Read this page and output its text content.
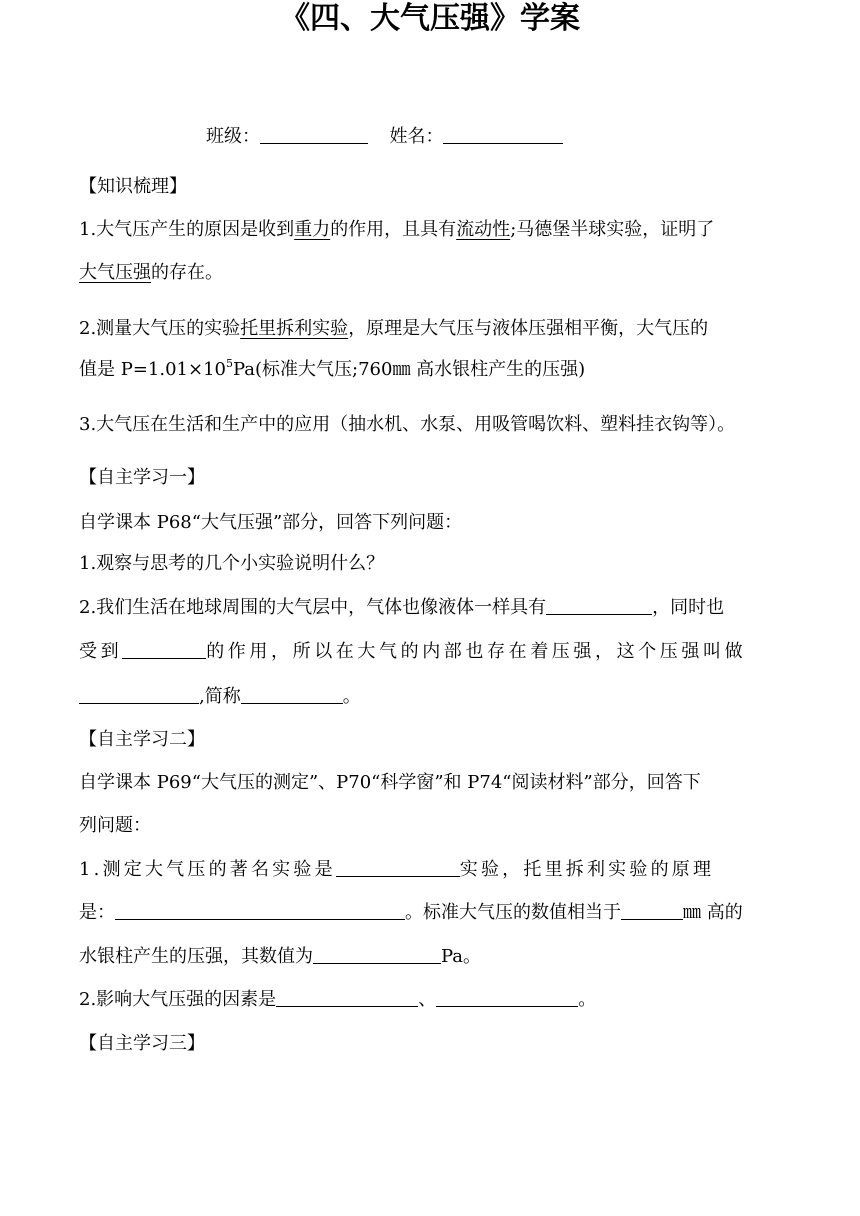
《四、大气压强》学案
班级：	姓名：
【知识梳理】
1.大气压产生的原因是收到重力的作用，且具有流动性;马德堡半球实验，证明了
大气压强的存在。
2.测量大气压的实验托里拆利实验，原理是大气压与液体压强相平衡，大气压的
值是 $P=1.01\times 10^5Pa$(标准大气压;760㎜ 高水银柱产生的压强)
3.大气压在生活和生产中的应用（抽水机、水泵、用吸管喝饮料、塑料挂衣钩等）。
【自主学习一】
自学课本 P68“大气压强”部分，回答下列问题：
1.观察与思考的几个小实验说明什么？
2.我们生活在地球周围的大气层中，气体也像液体一样具有	，同时也
受到	的作用，所以在大气的内部也存在着压强，这个压强叫做
,简称	。
【自主学习二】
自学课本 P69“大气压的测定”、P70“科学窗”和 P74“阅读材料”部分，回答下
列问题：
1.测定大气压的著名实验是	实验，托里拆利实验的原理
是：	。标准大气压的数值相当于	㎜ 高的
水银柱产生的压强，其数值为	Pa。
2.影响大气压强的因素是	、	。
【自主学习三】
